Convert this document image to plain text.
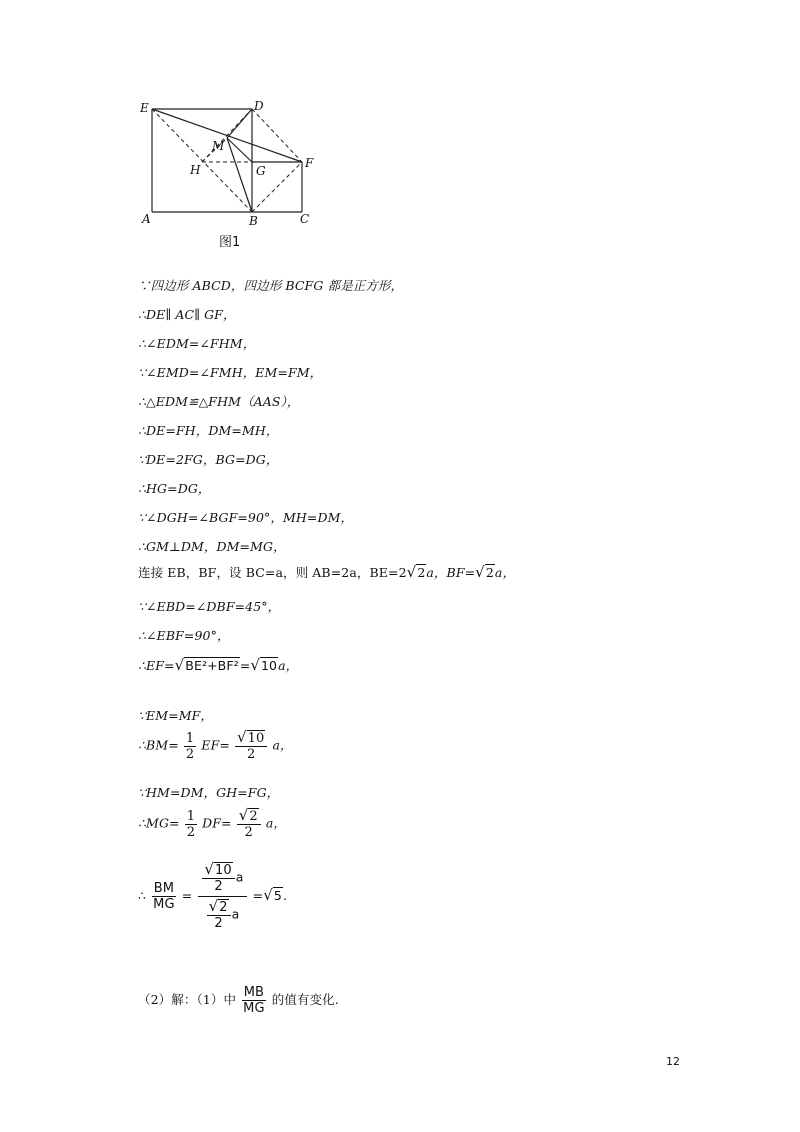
E	D
M
H	G
F
A	B	C
图1
∵四边形 ABCD，四边形 BCFG 都是正方形，
∴DE∥ AC∥ GF，
∴∠EDM=∠FHM，
∵∠EMD=∠FMH，EM=FM，
∴△EDM≌△FHM（AAS），
∴DE=FH，DM=MH，
∵DE=2FG，BG=DG，
∴HG=DG，
∵∠DGH=∠BGF=90°，MH=DM，
∴GM⊥DM，DM=MG，
连接 EB，BF，设 BC=a，则 AB=2a，BE=2√2a，BF=√2a，
∵∠EBD=∠DBF=45°，
∴∠EBF=90°，
∴EF=√BE²+BF²=√10a，
∵EM=MF，
∴BM= $\frac{1}{2} EF= \frac{√10}{2}$ a，
∵HM=DM，GH=FG，
∴MG= $\frac{1}{2} DF= \frac{√2}{2}$ a，
∴ $\frac{BM}{MG} = \frac{\frac{√10}{2} a}{\frac{√2}{2} a} =√5$.
（2）解：（1）中 $\frac{MB}{MG}$ 的值有变化.
12
